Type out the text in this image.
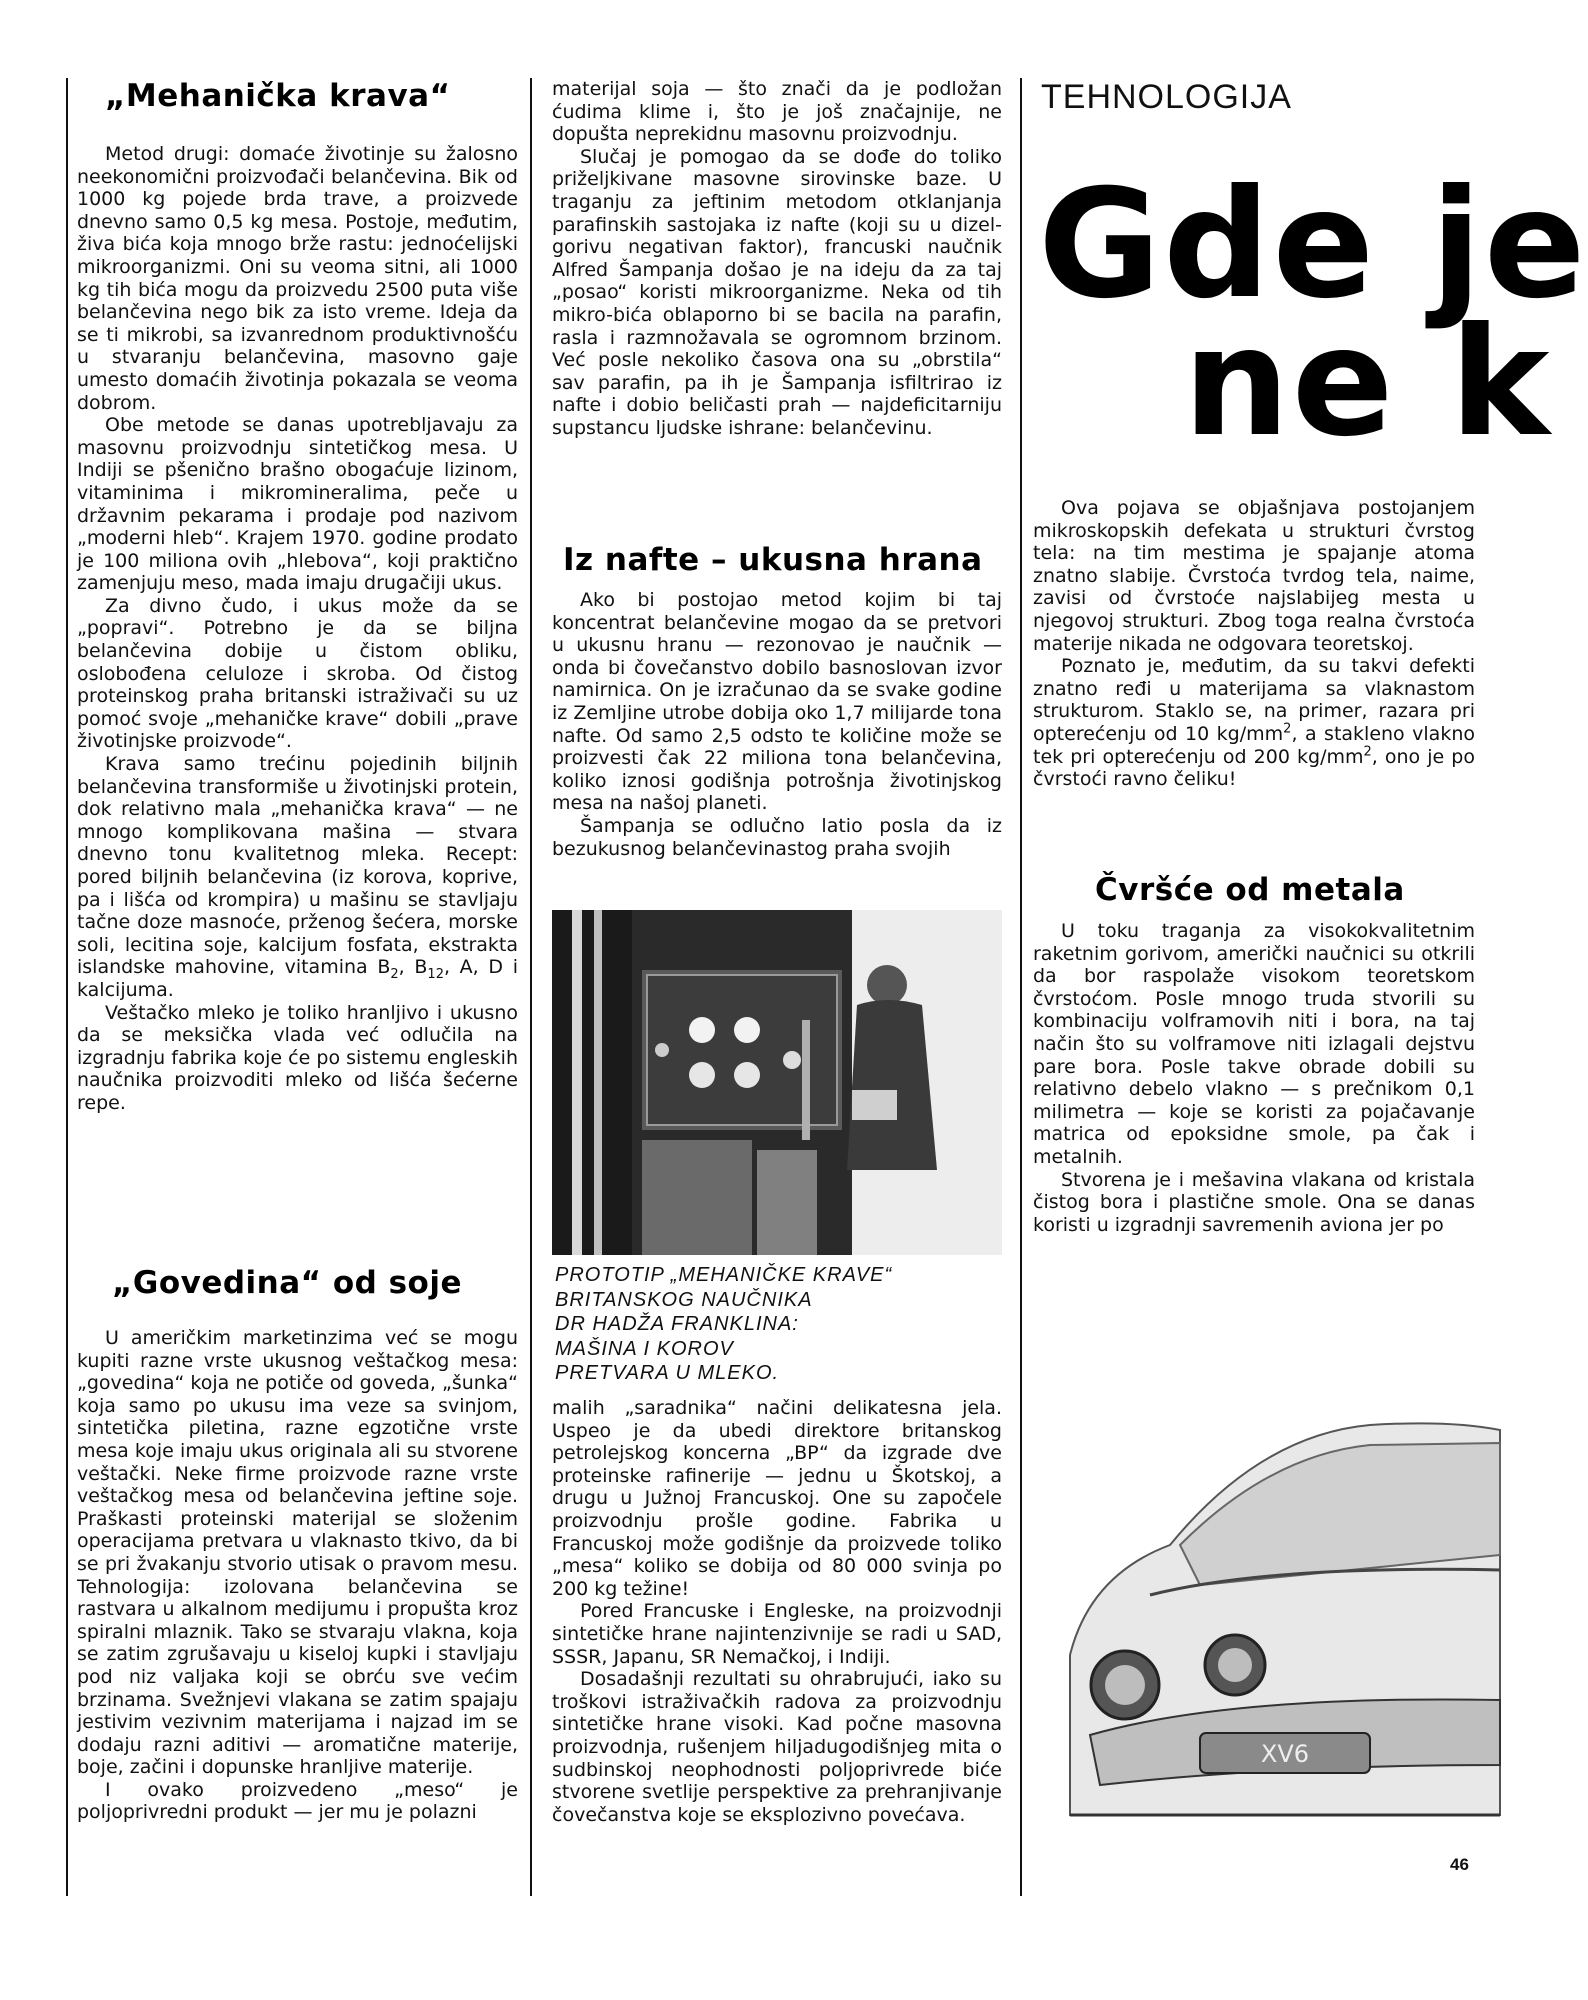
„Mehanička krava“

Metod drugi: domaće životinje su žalosno neekonomični proizvođači belančevina. Bik od 1000 kg pojede brda trave, a proizvede dnevno samo 0,5 kg mesa. Postoje, međutim, živa bića koja mnogo brže rastu: jednoćelijski mikroorganizmi. Oni su veoma sitni, ali 1000 kg tih bića mogu da proizvedu 2500 puta više belančevina nego bik za isto vreme. Ideja da se ti mikrobi, sa izvanrednom produktivnošću u stvaranju belančevina, masovno gaje umesto domaćih životinja pokazala se veoma dobrom.

Obe metode se danas upotrebljavaju za masovnu proizvodnju sintetičkog mesa. U Indiji se pšenično brašno obogaćuje lizinom, vitaminima i mikromineralima, peče u državnim pekarama i prodaje pod nazivom „moderni hleb“. Krajem 1970. godine prodato je 100 miliona ovih „hlebova“, koji praktično zamenjuju meso, mada imaju drugačiji ukus.

Za divno čudo, i ukus može da se „popravi“. Potrebno je da se biljna belančevina dobije u čistom obliku, oslobođena celuloze i skroba. Od čistog proteinskog praha britanski istraživači su uz pomoć svoje „mehaničke krave“ dobili „prave životinjske proizvode“.

Krava samo trećinu pojedinih biljnih belančevina transformiše u životinjski protein, dok relativno mala „mehanička krava“ — ne mnogo komplikovana mašina — stvara dnevno tonu kvalitetnog mleka. Recept: pored biljnih belančevina (iz korova, koprive, pa i lišća od krompira) u mašinu se stavljaju tačne doze masnoće, prženog šećera, morske soli, lecitina soje, kalcijum fosfata, ekstrakta islandske mahovine, vitamina $B_2$, $B_{12}$, A, D i kalcijuma.

Veštačko mleko je toliko hranljivo i ukusno da se meksička vlada već odlučila na izgradnju fabrika koje će po sistemu engleskih naučnika proizvoditi mleko od lišća šećerne repe.

„Govedina“ od soje

U američkim marketinzima već se mogu kupiti razne vrste ukusnog veštačkog mesa: „govedina“ koja ne potiče od goveda, „šunka“ koja samo po ukusu ima veze sa svinjom, sintetička piletina, razne egzotične vrste mesa koje imaju ukus originala ali su stvorene veštački. Neke firme proizvode razne vrste veštačkog mesa od belančevina jeftine soje. Praškasti proteinski materijal se složenim operacijama pretvara u vlaknasto tkivo, da bi se pri žvakanju stvorio utisak o pravom mesu. Tehnologija: izolovana belančevina se rastvara u alkalnom medijumu i propušta kroz spiralni mlaznik. Tako se stvaraju vlakna, koja se zatim zgrušavaju u kiseloj kupki i stavljaju pod niz valjaka koji se obrću sve većim brzinama. Svežnjevi vlakana se zatim spajaju jestivim vezivnim materijama i najzad im se dodaju razni aditivi — aromatične materije, boje, začini i dopunske hranljive materije.

I ovako proizvedeno „meso“ je poljoprivredni produkt — jer mu je polazni

materijal soja — što znači da je podložan ćudima klime i, što je još značajnije, ne dopušta neprekidnu masovnu proizvodnju.

Slučaj je pomogao da se dođe do toliko priželjkivane masovne sirovinske baze. U traganju za jeftinim metodom otklanjanja parafinskih sastojaka iz nafte (koji su u dizel-gorivu negativan faktor), francuski naučnik Alfred Šampanja došao je na ideju da za taj „posao“ koristi mikroorganizme. Neka od tih mikro-bića oblaporno bi se bacila na parafin, rasla i razmnožavala se ogromnom brzinom. Već posle nekoliko časova ona su „obrstila“ sav parafin, pa ih je Šampanja isfiltrirao iz nafte i dobio beličasti prah — najdeficitarniju supstancu ljudske ishrane: belančevinu.

Iz nafte – ukusna hrana

Ako bi postojao metod kojim bi taj koncentrat belančevine mogao da se pretvori u ukusnu hranu — rezonovao je naučnik — onda bi čovečanstvo dobilo basnoslovan izvor namirnica. On je izračunao da se svake godine iz Zemljine utrobe dobija oko 1,7 milijarde tona nafte. Od samo 2,5 odsto te količine može se proizvesti čak 22 miliona tona belančevina, koliko iznosi godišnja potrošnja životinjskog mesa na našoj planeti.

Šampanja se odlučno latio posla da iz bezukusnog belančevinastog praha svojih

PROTOTIP „MEHANIČKE KRAVE“
BRITANSKOG NAUČNIKA
DR HADŽA FRANKLINA:
MAŠINA I KOROV
PRETVARA U MLEKO.

malih „saradnika“ načini delikatesna jela. Uspeo je da ubedi direktore britanskog petrolejskog koncerna „BP“ da izgrade dve proteinske rafinerije — jednu u Škotskoj, a drugu u Južnoj Francuskoj. One su započele proizvodnju prošle godine. Fabrika u Francuskoj može godišnje da proizvede toliko „mesa“ koliko se dobija od 80 000 svinja po 200 kg težine!

Pored Francuske i Engleske, na proizvodnji sintetičke hrane najintenzivnije se radi u SAD, SSSR, Japanu, SR Nemačkoj, i Indiji.

Dosadašnji rezultati su ohrabrujući, iako su troškovi istraživačkih radova za proizvodnju sintetičke hrane visoki. Kad počne masovna proizvodnja, rušenjem hiljadugodišnjeg mita o sudbinskoj neophodnosti poljoprivrede biće stvorene svetlije perspektive za prehranjivanje čovečanstva koje se eksplozivno povećava.

TEHNOLOGIJA
Gde je
ne k

Ova pojava se objašnjava postojanjem mikroskopskih defekata u strukturi čvrstog tela: na tim mestima je spajanje atoma znatno slabije. Čvrstoća tvrdog tela, naime, zavisi od čvrstoće najslabijeg mesta u njegovoj strukturi. Zbog toga realna čvrstoća materije nikada ne odgovara teoretskoj.

Poznato je, međutim, da su takvi defekti znatno ređi u materijama sa vlaknastom strukturom. Staklo se, na primer, razara pri opterećenju od 10 $kg/mm^2$, a stakleno vlakno tek pri opterećenju od 200 $kg/mm^2$, ono je po čvrstoći ravno čeliku!

Čvršće od metala

U toku traganja za visokokvalitetnim raketnim gorivom, američki naučnici su otkrili da bor raspolaže visokom teoretskom čvrstoćom. Posle mnogo truda stvorili su kombinaciju volframovih niti i bora, na taj način što su volframove niti izlagali dejstvu pare bora. Posle takve obrade dobili su relativno debelo vlakno — s prečnikom 0,1 milimetra — koje se koristi za pojačavanje matrica od epoksidne smole, pa čak i metalnih.

Stvorena je i mešavina vlakana od kristala čistog bora i plastične smole. Ona se danas koristi u izgradnji savremenih aviona jer po

XV6
46
